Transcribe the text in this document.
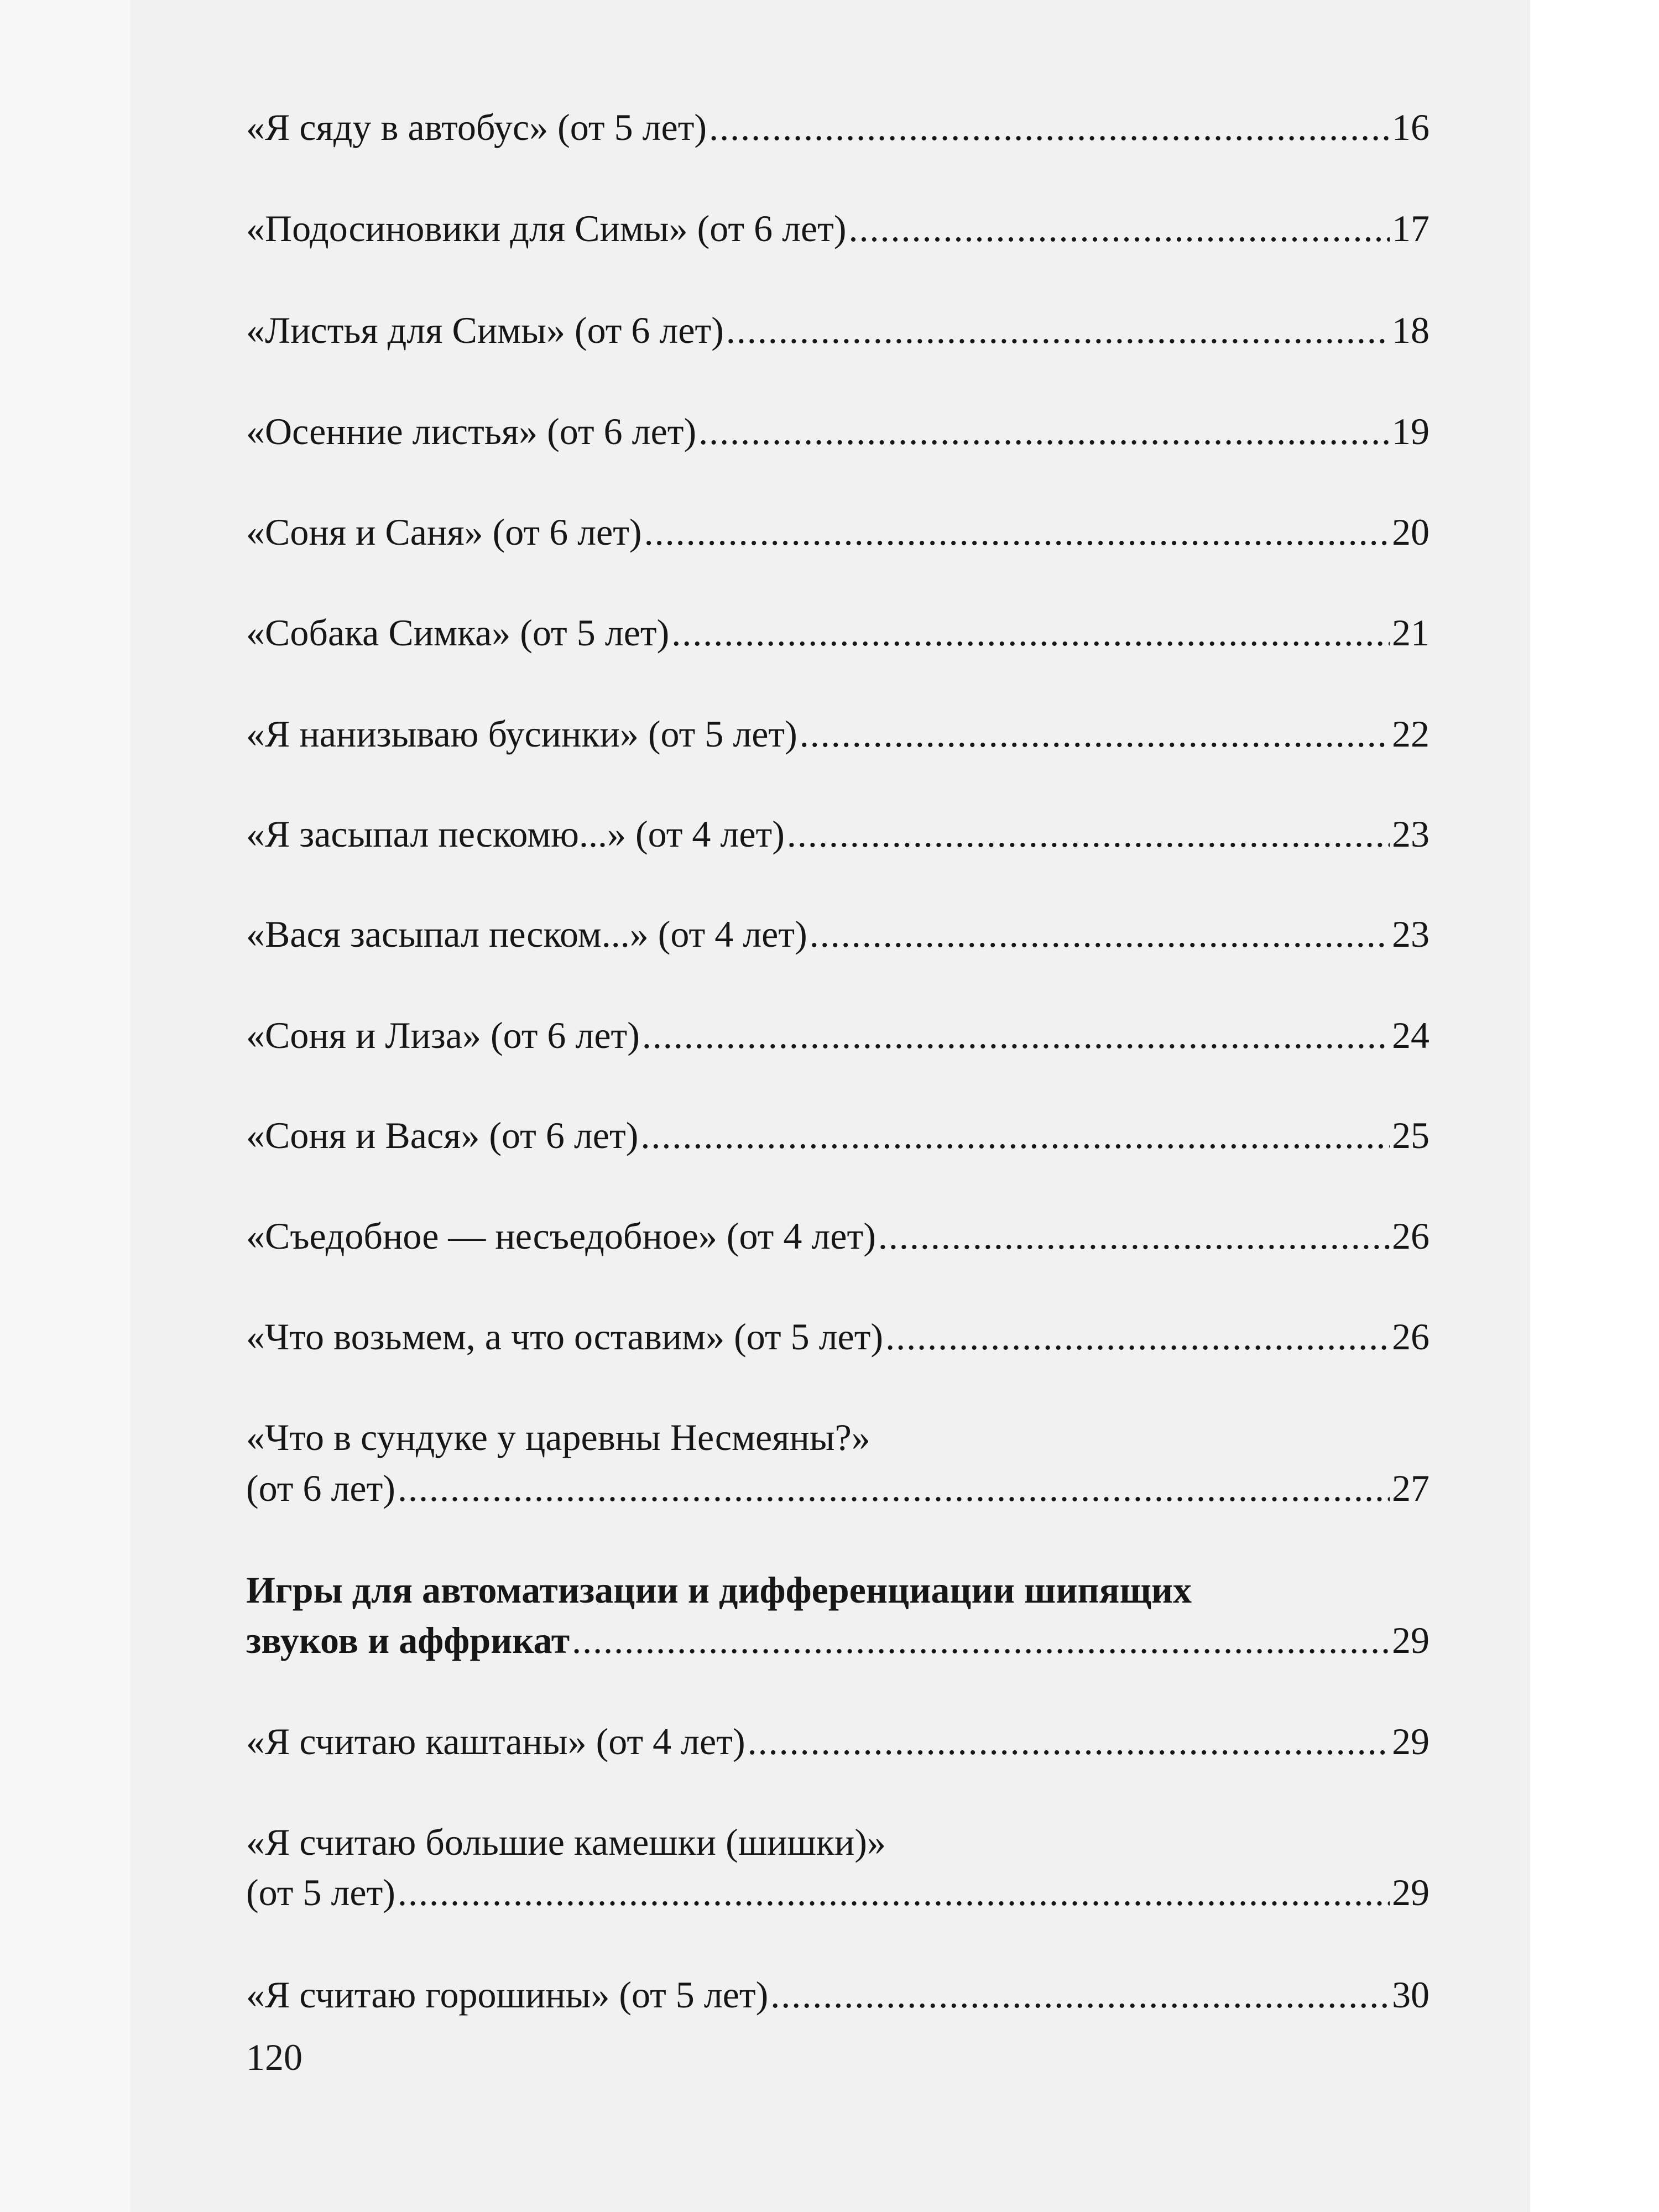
«Я сяду в автобус» (от 5 лет) .....	16
«Подосиновики для Симы» (от 6 лет) .....	17
«Листья для Симы» (от 6 лет) .....	18
«Осенние листья» (от 6 лет) .....	19
«Соня и Саня» (от 6 лет) .....	20
«Собака Симка» (от 5 лет) .....	21
«Я нанизываю бусинки» (от 5 лет) .....	22
«Я засыпал пескомю...» (от 4 лет) .....	23
«Вася засыпал песком...» (от 4 лет) .....	23
«Соня и Лиза» (от 6 лет) .....	24
«Соня и Вася» (от 6 лет) .....	25
«Съедобное — несъедобное» (от 4 лет) .....	26
«Что возьмем, а что оставим» (от 5 лет) .....	26
«Что в сундуке у царевны Несмеяны?»
(от 6 лет) .....	27
Игры для автоматизации и дифференциации шипящих
звуков и аффрикат .....	29
«Я считаю каштаны» (от 4 лет) .....	29
«Я считаю большие камешки (шишки)»
(от 5 лет) .....	29
«Я считаю горошины» (от 5 лет) .....	30
120
